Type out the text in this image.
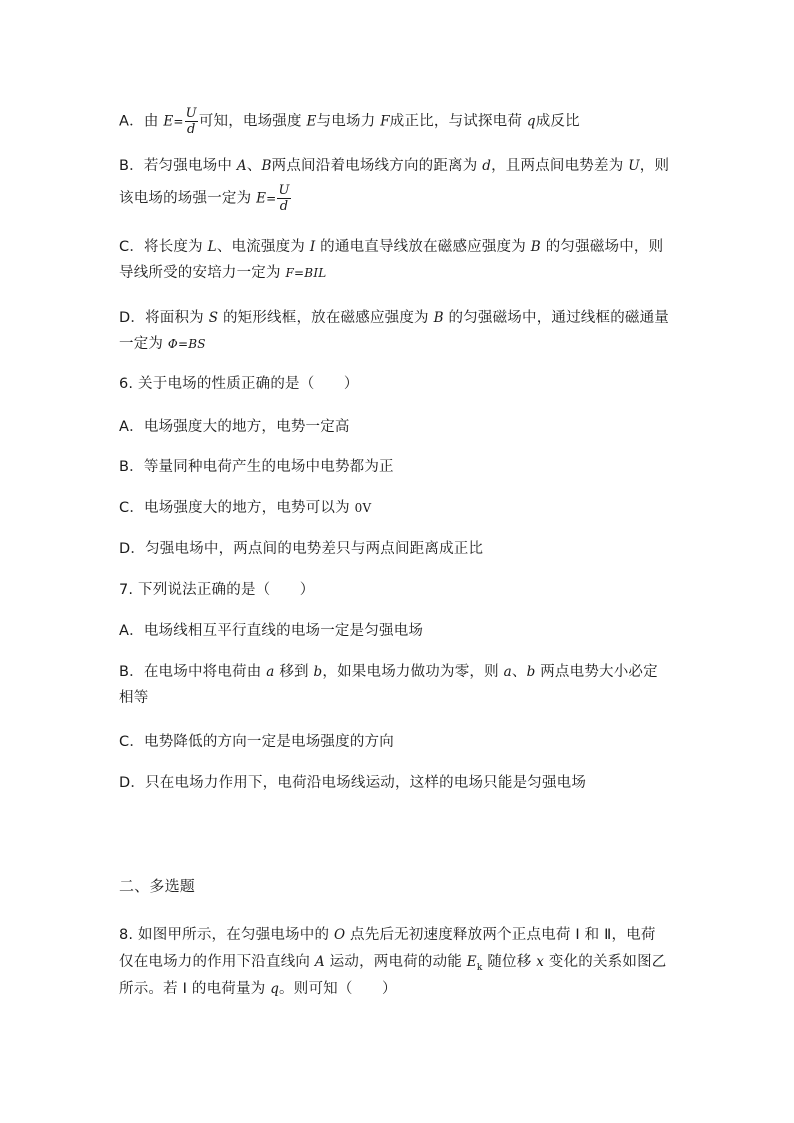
A．由 $E= \frac{U}{d}$ 可知，电场强度 E与电场力 F成正比，与试探电荷 q成反比
B．若匀强电场中 A、B两点间沿着电场线方向的距离为 d，且两点间电势差为 U，则
该电场的场强一定为 $E= \frac{U}{d}$
C．将长度为 L、电流强度为 I 的通电直导线放在磁感应强度为 B 的匀强磁场中，则
导线所受的安培力一定为 F=BIL
D．将面积为 S 的矩形线框，放在磁感应强度为 B 的匀强磁场中，通过线框的磁通量
一定为 Φ=BS
6. 关于电场的性质正确的是（　　）
A．电场强度大的地方，电势一定高
B．等量同种电荷产生的电场中电势都为正
C．电场强度大的地方，电势可以为 0V
D．匀强电场中，两点间的电势差只与两点间距离成正比
7. 下列说法正确的是（　　）
A．电场线相互平行直线的电场一定是匀强电场
B．在电场中将电荷由 a 移到 b，如果电场力做功为零，则 a、b 两点电势大小必定
相等
C．电势降低的方向一定是电场强度的方向
D．只在电场力作用下，电荷沿电场线运动，这样的电场只能是匀强电场
二、多选题
8. 如图甲所示，在匀强电场中的 O 点先后无初速度释放两个正点电荷 Ⅰ 和 Ⅱ，电荷
仅在电场力的作用下沿直线向 A 运动，两电荷的动能 $E_k$ 随位移 x 变化的关系如图乙
所示。若 Ⅰ 的电荷量为 q。则可知（　　）
